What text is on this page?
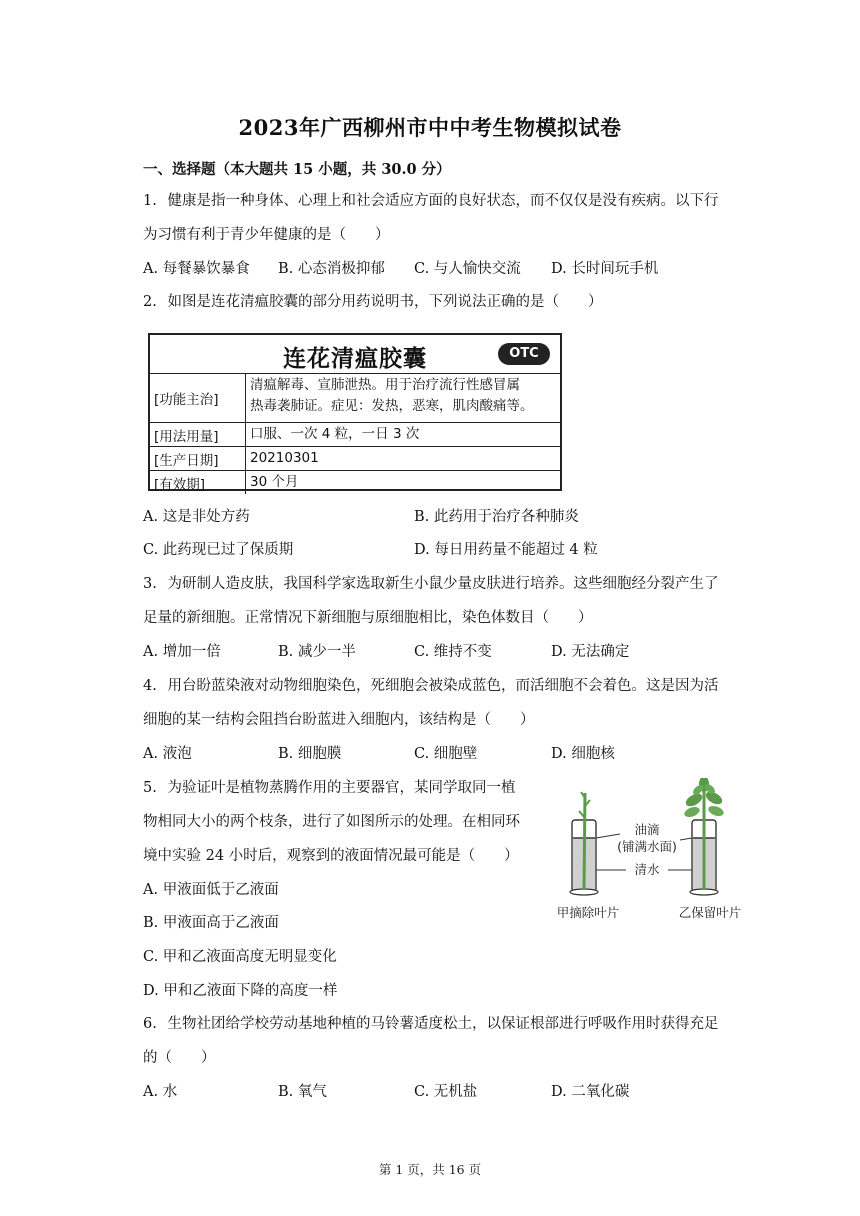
2023年广西柳州市中中考生物模拟试卷
一、选择题（本大题共 15 小题，共 30.0 分）
1. 健康是指一种身体、心理上和社会适应方面的良好状态，而不仅仅是没有疾病。以下行
为习惯有利于青少年健康的是（　　）
A. 每餐暴饮暴食 B. 心态消极抑郁 C. 与人愉快交流 D. 长时间玩手机
2. 如图是连花清瘟胶囊的部分用药说明书，下列说法正确的是（　　）
连花清瘟胶囊	OTC
[功能主治]
清瘟解毒、宣肺泄热。用于治疗流行性感冒属
热毒袭肺证。症见：发热，恶寒，肌肉酸痛等。
[用法用量]	口服、一次 4 粒，一日 3 次
[生产日期]	20210301
[有效期]	30 个月
A. 这是非处方药	B. 此药用于治疗各种肺炎
C. 此药现已过了保质期	D. 每日用药量不能超过 4 粒
3. 为研制人造皮肤，我国科学家选取新生小鼠少量皮肤进行培养。这些细胞经分裂产生了
足量的新细胞。正常情况下新细胞与原细胞相比，染色体数目（　　）
A. 增加一倍	B. 减少一半	C. 维持不变	D. 无法确定
4. 用台盼蓝染液对动物细胞染色，死细胞会被染成蓝色，而活细胞不会着色。这是因为活
细胞的某一结构会阻挡台盼蓝进入细胞内，该结构是（　　）
A. 液泡	B. 细胞膜	C. 细胞壁	D. 细胞核
5. 为验证叶是植物蒸腾作用的主要器官，某同学取同一植
物相同大小的两个枝条，进行了如图所示的处理。在相同环
境中实验 24 小时后，观察到的液面情况最可能是（　　）
A. 甲液面低于乙液面
B. 甲液面高于乙液面
C. 甲和乙液面高度无明显变化
D. 甲和乙液面下降的高度一样
油滴
(铺满水面)
清水
甲摘除叶片	乙保留叶片
6. 生物社团给学校劳动基地种植的马铃薯适度松土，以保证根部进行呼吸作用时获得充足
的（　　）
A. 水	B. 氧气	C. 无机盐	D. 二氧化碳
第 1 页，共 16 页
